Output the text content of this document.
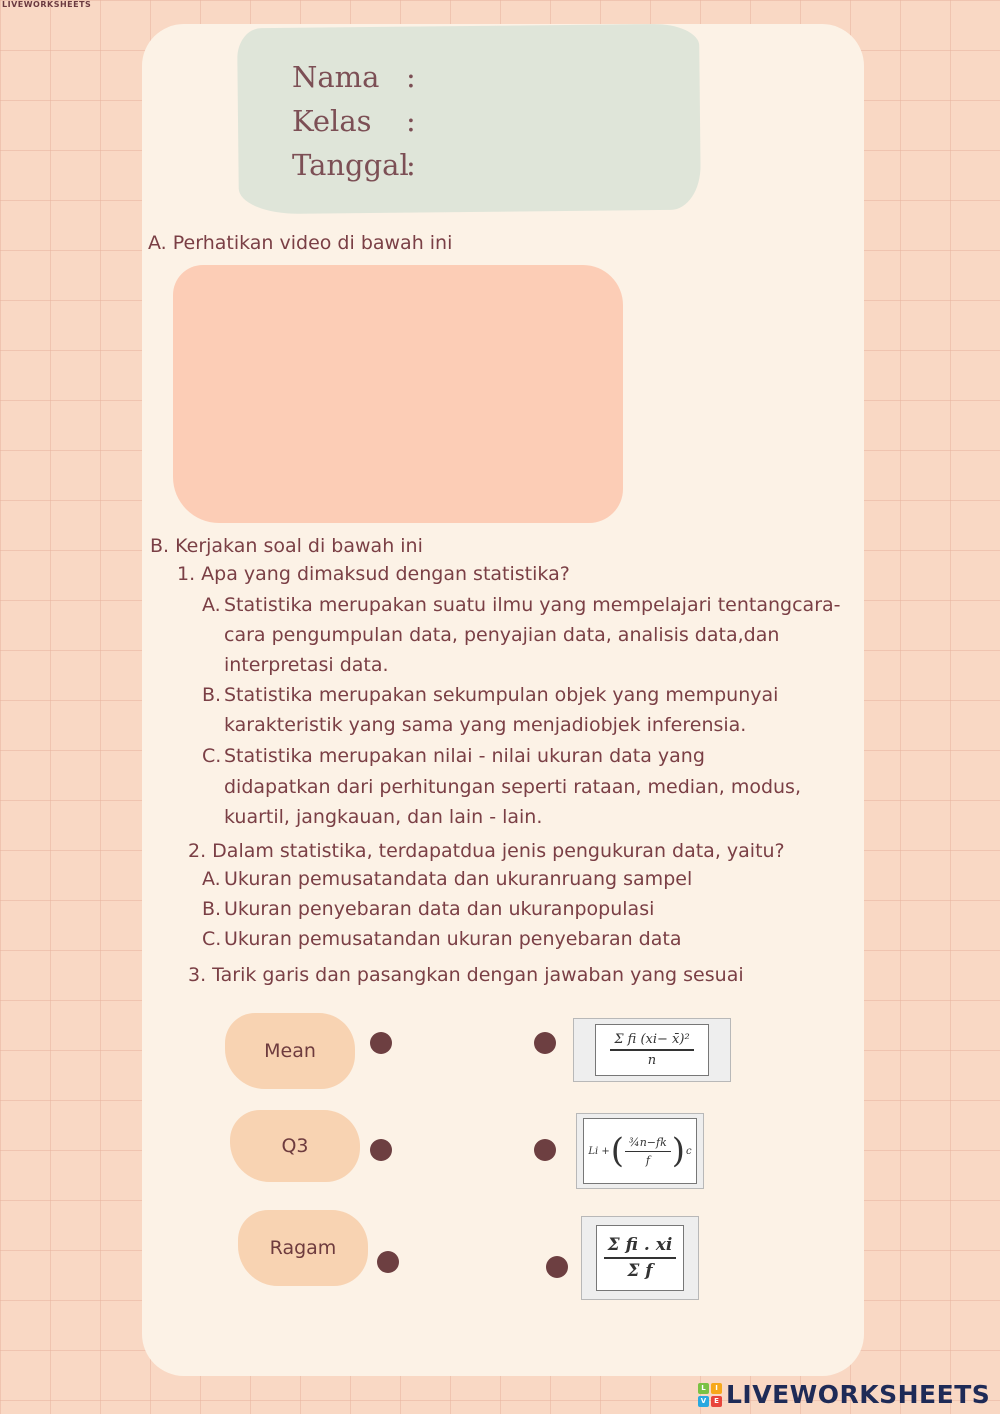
LIVEWORKSHEETS
Nama :
Kelas :
Tanggal:
A. Perhatikan video di bawah ini
B. Kerjakan soal di bawah ini
1. Apa yang dimaksud dengan statistika?
A. Statistika merupakan suatu ilmu yang mempelajari tentangcara-
cara pengumpulan data, penyajian data, analisis data,dan
interpretasi data.
B. Statistika merupakan sekumpulan objek yang mempunyai
karakteristik yang sama yang menjadiobjek inferensia.
C. Statistika merupakan nilai - nilai ukuran data yang
didapatkan dari perhitungan seperti rataan, median, modus,
kuartil, jangkauan, dan lain - lain.
2. Dalam statistika, terdapatdua jenis pengukuran data, yaitu?
A. Ukuran pemusatandata dan ukuranruang sampel
B. Ukuran penyebaran data dan ukuranpopulasi
C. Ukuran pemusatandan ukuran penyebaran data
3. Tarik garis dan pasangkan dengan jawaban yang sesuai
Mean
Q3
Ragam
$\frac{\text{Σ fi (xi− x̄)²}}{n}$
Li + ( $\frac{\text{¾n−fk}}{f}$ ) c
$\frac{\text{Σ fi . xi}}{\text{Σ f}}$
L	I
V	E LIVEWORKSHEETS
